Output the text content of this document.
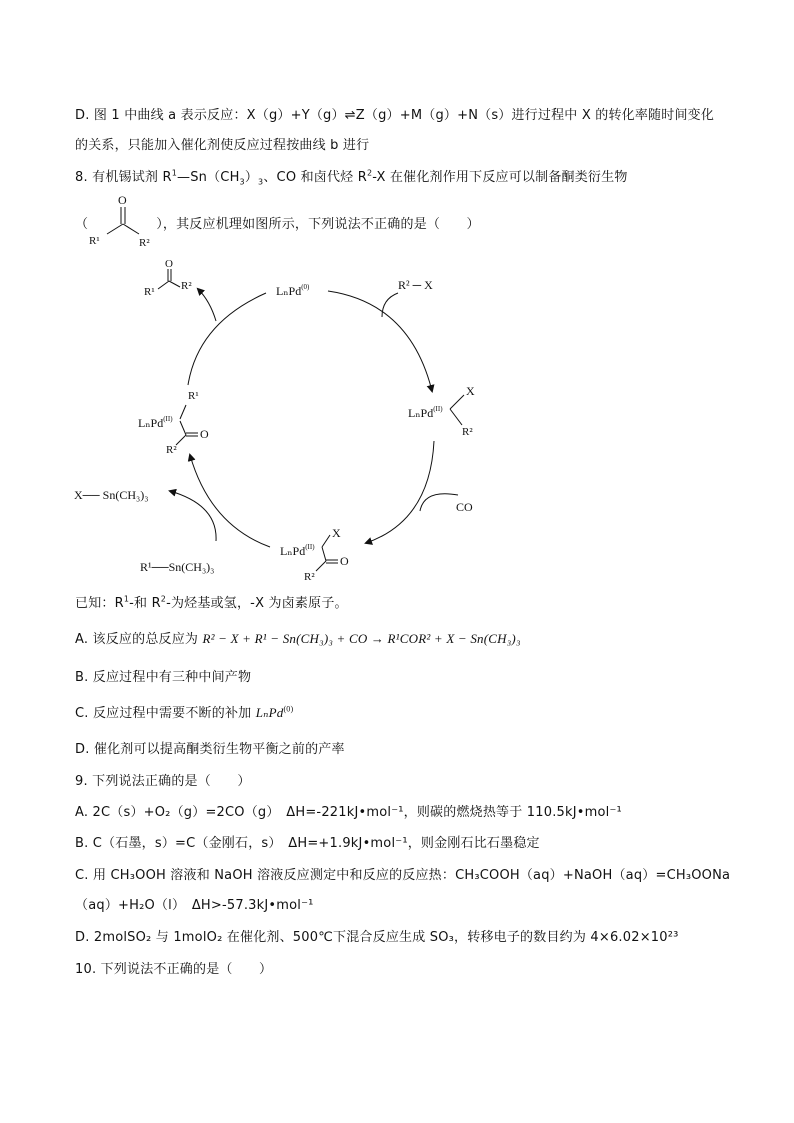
D. 图 1 中曲线 a 表示反应：X（g）+Y（g）⇌Z（g）+M（g）+N（s）进行过程中 X 的转化率随时间变化
的关系，只能加入催化剂使反应过程按曲线 b 进行
8. 有机锡试剂 $R^1—Sn(CH_3)_3$、CO 和卤代烃 $R^2-X$ 在催化剂作用下反应可以制备酮类衍生物
（	），其反应机理如图所示，下列说法不正确的是（　　）
O
R¹	R²
LₙPd$^{(0)}$	R² ─ X
LₙPd$^{(II)}$
X
R²
CO
LₙPd$^{(II)}$
X
O
R²
X── Sn(CH₃)₃
R¹──Sn(CH₃)₃
LₙPd$^{(II)}$
R¹
O
R²
O
R¹ R²
已知：$R^1-$和 $R^2-$为烃基或氢，-X 为卤素原子。
A. 该反应的总反应为 R² − X + R¹ − Sn(CH₃)₃ + CO → R¹COR² + X − Sn(CH₃)₃
B. 反应过程中有三种中间产物
C. 反应过程中需要不断的补加 LₙPd$^{(0)}$
D. 催化剂可以提高酮类衍生物平衡之前的产率
9. 下列说法正确的是（　　）
A. 2C（s）+O₂（g）=2CO（g）　ΔH=-221kJ•mol⁻¹，则碳的燃烧热等于 110.5kJ•mol⁻¹
B. C（石墨，s）=C（金刚石，s）　ΔH=+1.9kJ•mol⁻¹，则金刚石比石墨稳定
C. 用 CH₃OOH 溶液和 NaOH 溶液反应测定中和反应的反应热：CH₃COOH（aq）+NaOH（aq）=CH₃OONa
（aq）+H₂O（l）　ΔH>-57.3kJ•mol⁻¹
D. 2molSO₂ 与 1molO₂ 在催化剂、500℃下混合反应生成 SO₃，转移电子的数目约为 4×6.02×10²³
10. 下列说法不正确的是（　　）
